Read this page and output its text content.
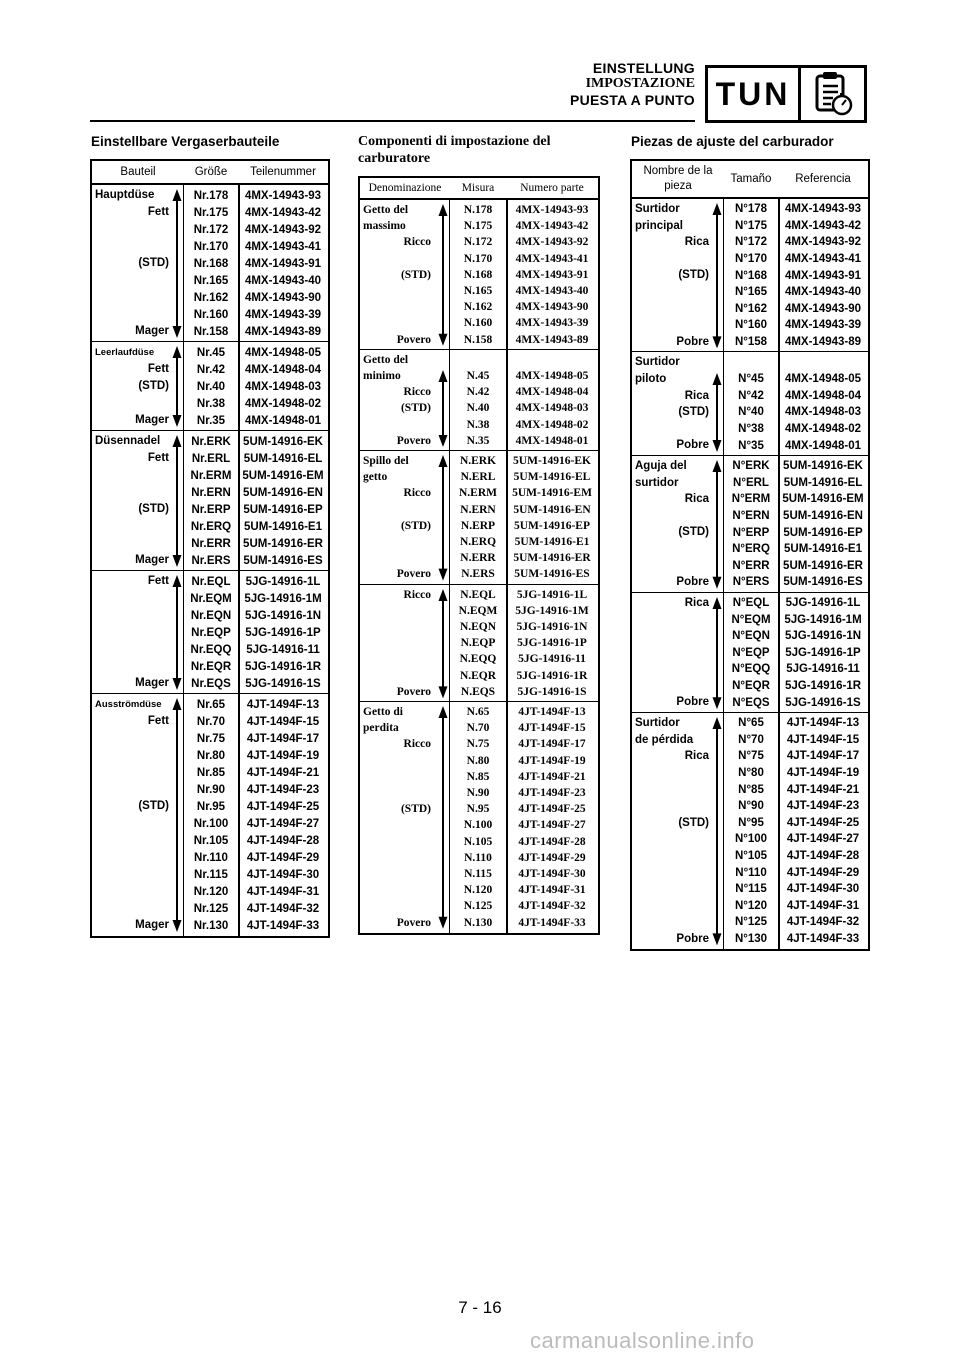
EINSTELLUNG
IMPOSTAZIONE
PUESTA A PUNTO TUN
Einstellbare Vergaserbauteile	Componenti di impostazione del carburatore
Piezas de ajuste del carburador
Bauteil	Größe	Teilenummer
Hauptdüse
Fett
(STD)
Mager
Nr.178	4MX-14943-93
Nr.175	4MX-14943-42
Nr.172	4MX-14943-92
Nr.170	4MX-14943-41
Nr.168	4MX-14943-91
Nr.165	4MX-14943-40
Nr.162	4MX-14943-90
Nr.160	4MX-14943-39
Nr.158	4MX-14943-89
Leerlaufdüse
Fett
(STD)
Mager
Nr.45	4MX-14948-05
Nr.42	4MX-14948-04
Nr.40	4MX-14948-03
Nr.38	4MX-14948-02
Nr.35	4MX-14948-01
Düsennadel
Fett
(STD)
Mager
Nr.ERK	5UM-14916-EK
Nr.ERL	5UM-14916-EL
Nr.ERM 5UM-14916-EM
Nr.ERN	5UM-14916-EN
Nr.ERP	5UM-14916-EP
Nr.ERQ	5UM-14916-E1
Nr.ERR	5UM-14916-ER
Nr.ERS	5UM-14916-ES
Fett
Mager
Nr.EQL	5JG-14916-1L
Nr.EQM	5JG-14916-1M
Nr.EQN	5JG-14916-1N
Nr.EQP	5JG-14916-1P
Nr.EQQ	5JG-14916-11
Nr.EQR	5JG-14916-1R
Nr.EQS	5JG-14916-1S
Ausströmdüse
Fett
(STD)
Mager
Nr.65	4JT-1494F-13
Nr.70	4JT-1494F-15
Nr.75	4JT-1494F-17
Nr.80	4JT-1494F-19
Nr.85	4JT-1494F-21
Nr.90	4JT-1494F-23
Nr.95	4JT-1494F-25
Nr.100	4JT-1494F-27
Nr.105	4JT-1494F-28
Nr.110	4JT-1494F-29
Nr.115	4JT-1494F-30
Nr.120	4JT-1494F-31
Nr.125	4JT-1494F-32
Nr.130	4JT-1494F-33
Denominazione	Misura	Numero parte
Getto del
massimo
Ricco
(STD)
Povero
N.178	4MX-14943-93
N.175	4MX-14943-42
N.172	4MX-14943-92
N.170	4MX-14943-41
N.168	4MX-14943-91
N.165	4MX-14943-40
N.162	4MX-14943-90
N.160	4MX-14943-39
N.158	4MX-14943-89
Getto del
minimo
Ricco
(STD)
Povero
N.45	4MX-14948-05
N.42	4MX-14948-04
N.40	4MX-14948-03
N.38	4MX-14948-02
N.35	4MX-14948-01
Spillo del
getto
Ricco
(STD)
Povero
N.ERK	5UM-14916-EK
N.ERL	5UM-14916-EL
N.ERM	5UM-14916-EM
N.ERN	5UM-14916-EN
N.ERP	5UM-14916-EP
N.ERQ	5UM-14916-E1
N.ERR	5UM-14916-ER
N.ERS	5UM-14916-ES
Ricco
Povero
N.EQL	5JG-14916-1L
N.EQM	5JG-14916-1M
N.EQN	5JG-14916-1N
N.EQP	5JG-14916-1P
N.EQQ	5JG-14916-11
N.EQR	5JG-14916-1R
N.EQS	5JG-14916-1S
Getto di
perdita
Ricco
(STD)
Povero
N.65	4JT-1494F-13
N.70	4JT-1494F-15
N.75	4JT-1494F-17
N.80	4JT-1494F-19
N.85	4JT-1494F-21
N.90	4JT-1494F-23
N.95	4JT-1494F-25
N.100	4JT-1494F-27
N.105	4JT-1494F-28
N.110	4JT-1494F-29
N.115	4JT-1494F-30
N.120	4JT-1494F-31
N.125	4JT-1494F-32
N.130	4JT-1494F-33
Nombre de la pieza
Tamaño	Referencia
Surtidor
principal
Rica
(STD)
Pobre
N°178	4MX-14943-93
N°175	4MX-14943-42
N°172	4MX-14943-92
N°170	4MX-14943-41
N°168	4MX-14943-91
N°165	4MX-14943-40
N°162	4MX-14943-90
N°160	4MX-14943-39
N°158	4MX-14943-89
Surtidor
piloto
Rica
(STD)
Pobre
N°45	4MX-14948-05
N°42	4MX-14948-04
N°40	4MX-14948-03
N°38	4MX-14948-02
N°35	4MX-14948-01
Aguja del
surtidor
Rica
(STD)
Pobre
N°ERK	5UM-14916-EK
N°ERL	5UM-14916-EL
N°ERM	5UM-14916-EM
N°ERN	5UM-14916-EN
N°ERP	5UM-14916-EP
N°ERQ	5UM-14916-E1
N°ERR	5UM-14916-ER
N°ERS	5UM-14916-ES
Rica
Pobre
N°EQL	5JG-14916-1L
N°EQM	5JG-14916-1M
N°EQN	5JG-14916-1N
N°EQP	5JG-14916-1P
N°EQQ	5JG-14916-11
N°EQR	5JG-14916-1R
N°EQS	5JG-14916-1S
Surtidor
de pérdida
Rica
(STD)
Pobre
N°65	4JT-1494F-13
N°70	4JT-1494F-15
N°75	4JT-1494F-17
N°80	4JT-1494F-19
N°85	4JT-1494F-21
N°90	4JT-1494F-23
N°95	4JT-1494F-25
N°100	4JT-1494F-27
N°105	4JT-1494F-28
N°110	4JT-1494F-29
N°115	4JT-1494F-30
N°120	4JT-1494F-31
N°125	4JT-1494F-32
N°130	4JT-1494F-33
7 - 16
carmanualsonline.info
